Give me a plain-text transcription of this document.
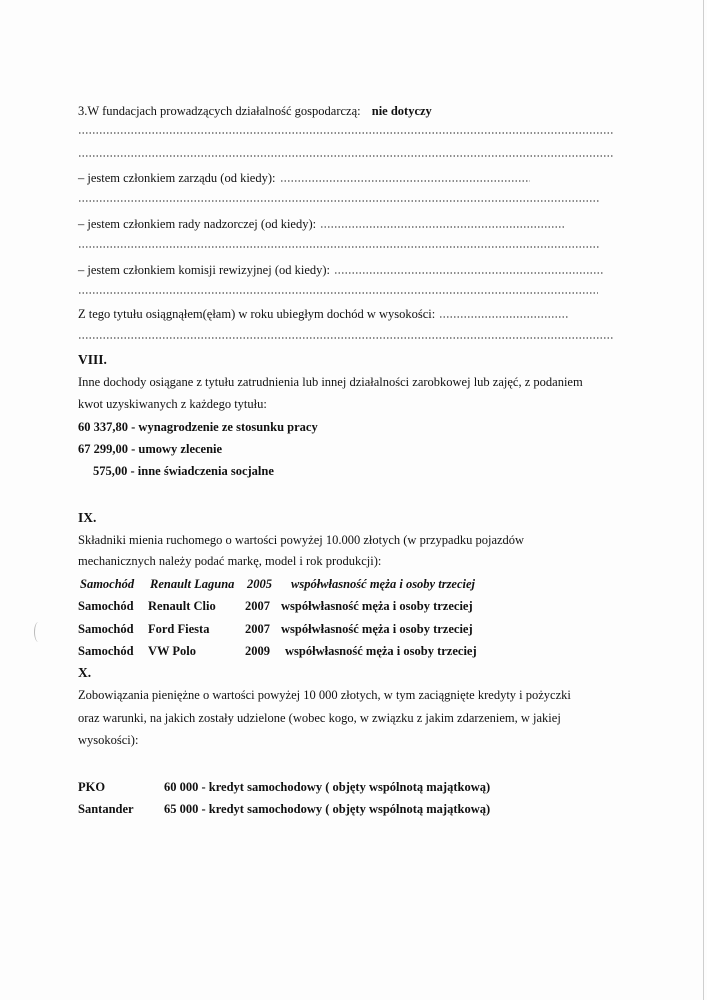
3.W fundacjach prowadzących działalność gospodarczą: nie dotyczy
– jestem członkiem zarządu (od kiedy):
– jestem członkiem rady nadzorczej (od kiedy):
– jestem członkiem komisji rewizyjnej (od kiedy):
Z tego tytułu osiągnąłem(ęłam) w roku ubiegłym dochód w wysokości:
VIII.
Inne dochody osiągane z tytułu zatrudnienia lub innej działalności zarobkowej lub zajęć, z podaniem
kwot uzyskiwanych z każdego tytułu:
60 337,80 - wynagrodzenie ze stosunku pracy
67 299,00 - umowy zlecenie
575,00 - inne świadczenia socjalne
IX.
Składniki mienia ruchomego o wartości powyżej 10.000 złotych (w przypadku pojazdów
mechanicznych należy podać markę, model i rok produkcji):
Samochód Renault Laguna 2005 współwłasność męża i osoby trzeciej
Samochód Renault Clio 2007 współwłasność męża i osoby trzeciej
Samochód Ford Fiesta	2007 współwłasność męża i osoby trzeciej
Samochód VW Polo	2009 współwłasność męża i osoby trzeciej
X.
Zobowiązania pieniężne o wartości powyżej 10 000 złotych, w tym zaciągnięte kredyty i pożyczki
oraz warunki, na jakich zostały udzielone (wobec kogo, w związku z jakim zdarzeniem, w jakiej
wysokości):
PKO	60 000 - kredyt samochodowy ( objęty wspólnotą majątkową)
Santander 65 000 - kredyt samochodowy ( objęty wspólnotą majątkową)
